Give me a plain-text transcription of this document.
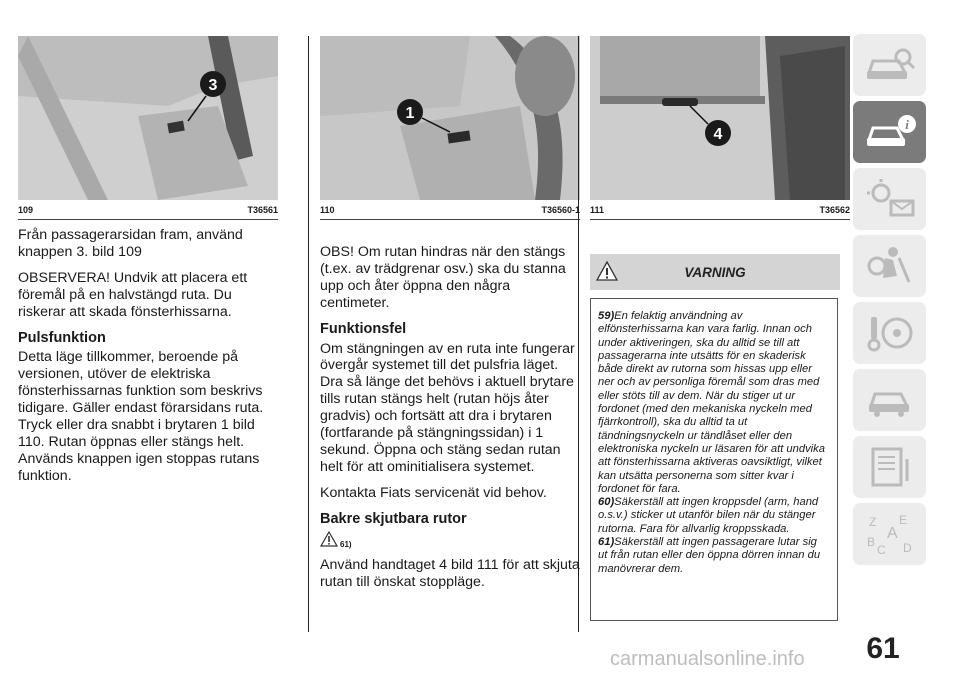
3
109	T36561
1
110	T36560-1
4
111	T36562

Från passagerarsidan fram, använd knappen 3. bild 109

OBSERVERA! Undvik att placera ett föremål på en halvstängd ruta. Du riskerar att skada fönsterhissarna.

Pulsfunktion

Detta läge tillkommer, beroende på versionen, utöver de elektriska fönsterhissarnas funktion som beskrivs tidigare. Gäller endast förarsidans ruta. Tryck eller dra snabbt i brytaren 1 bild 110. Rutan öppnas eller stängs helt. Används knappen igen stoppas rutans funktion.

OBS! Om rutan hindras när den stängs (t.ex. av trädgrenar osv.) ska du stanna upp och åter öppna den några centimeter.

Funktionsfel

Om stängningen av en ruta inte fungerar övergår systemet till det pulsfria läget. Dra så länge det behövs i aktuell brytare tills rutan stängs helt (rutan höjs åter gradvis) och fortsätt att dra i brytaren (fortfarande på stängningssidan) i 1 sekund. Öppna och stäng sedan rutan helt för att ominitialisera systemet.

Kontakta Fiats servicenät vid behov.

Bakre skjutbara rutor
61)

Använd handtaget 4 bild 111 för att skjuta rutan till önskat stoppläge.

VARNING
59)En felaktig användning av elfönsterhissarna kan vara farlig. Innan och under aktiveringen, ska du alltid se till att passagerarna inte utsätts för en skaderisk både direkt av rutorna som hissas upp eller ner och av personliga föremål som dras med eller stöts till av dem. När du stiger ut ur fordonet (med den mekaniska nyckeln med fjärrkontroll), ska du alltid ta ut tändningsnyckeln ur tändlåset eller den elektroniska nyckeln ur läsaren för att undvika att fönsterhissarna aktiveras oavsiktligt, vilket kan utsätta personerna som sitter kvar i fordonet för fara.
60)Säkerställ att ingen kroppsdel (arm, hand o.s.v.) sticker ut utanför bilen när du stänger rutorna. Fara för allvarlig kroppsskada.
61)Säkerställ att ingen passagerare lutar sig ut från rutan eller den öppna dörren innan du manövrerar dem.
i
Z E
A
B
C D
61
carmanualsonline.info
